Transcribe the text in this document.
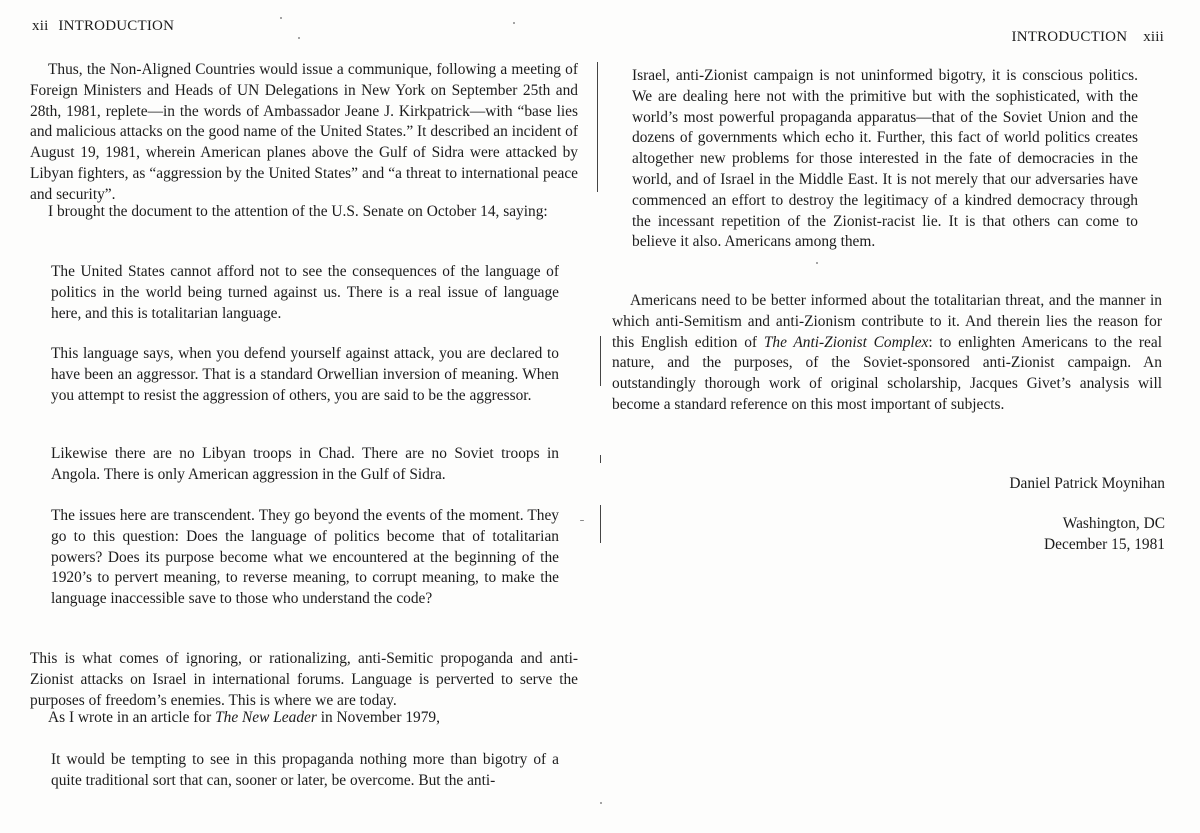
xii INTRODUCTION

Thus, the Non-Aligned Countries would issue a communique, following a meeting of Foreign Ministers and Heads of UN Delegations in New York on September 25th and 28th, 1981, replete—in the words of Ambassador Jeane J. Kirkpatrick—with “base lies and malicious attacks on the good name of the United States.” It described an incident of August 19, 1981, wherein American planes above the Gulf of Sidra were attacked by Libyan fighters, as “aggression by the United States” and “a threat to international peace and security”.

I brought the document to the attention of the U.S. Senate on October 14, saying:

The United States cannot afford not to see the consequences of the language of politics in the world being turned against us. There is a real issue of language here, and this is totalitarian language.

This language says, when you defend yourself against attack, you are declared to have been an aggressor. That is a standard Orwellian inversion of meaning. When you attempt to resist the aggression of others, you are said to be the aggressor.

Likewise there are no Libyan troops in Chad. There are no Soviet troops in Angola. There is only American aggression in the Gulf of Sidra.

The issues here are transcendent. They go beyond the events of the moment. They go to this question: Does the language of politics become that of totalitarian powers? Does its purpose become what we encountered at the beginning of the 1920’s to pervert meaning, to reverse meaning, to corrupt meaning, to make the language inaccessible save to those who understand the code?

This is what comes of ignoring, or rationalizing, anti-Semitic propoganda and anti-Zionist attacks on Israel in international forums. Language is perverted to serve the purposes of freedom’s enemies. This is where we are today.

As I wrote in an article for The New Leader in November 1979,

It would be tempting to see in this propaganda nothing more than bigotry of a quite traditional sort that can, sooner or later, be overcome. But the anti-

INTRODUCTION xiii

Israel, anti-Zionist campaign is not uninformed bigotry, it is conscious politics. We are dealing here not with the primitive but with the sophisticated, with the world’s most powerful propaganda apparatus—that of the Soviet Union and the dozens of governments which echo it. Further, this fact of world politics creates altogether new problems for those interested in the fate of democracies in the world, and of Israel in the Middle East. It is not merely that our adversaries have commenced an effort to destroy the legitimacy of a kindred democracy through the incessant repetition of the Zionist-racist lie. It is that others can come to believe it also. Americans among them.

Americans need to be better informed about the totalitarian threat, and the manner in which anti-Semitism and anti-Zionism contribute to it. And therein lies the reason for this English edition of The Anti-Zionist Complex: to enlighten Americans to the real nature, and the purposes, of the Soviet-sponsored anti-Zionist campaign. An outstandingly thorough work of original scholarship, Jacques Givet’s analysis will become a standard reference on this most important of subjects.

Daniel Patrick Moynihan
Washington, DC
December 15, 1981
